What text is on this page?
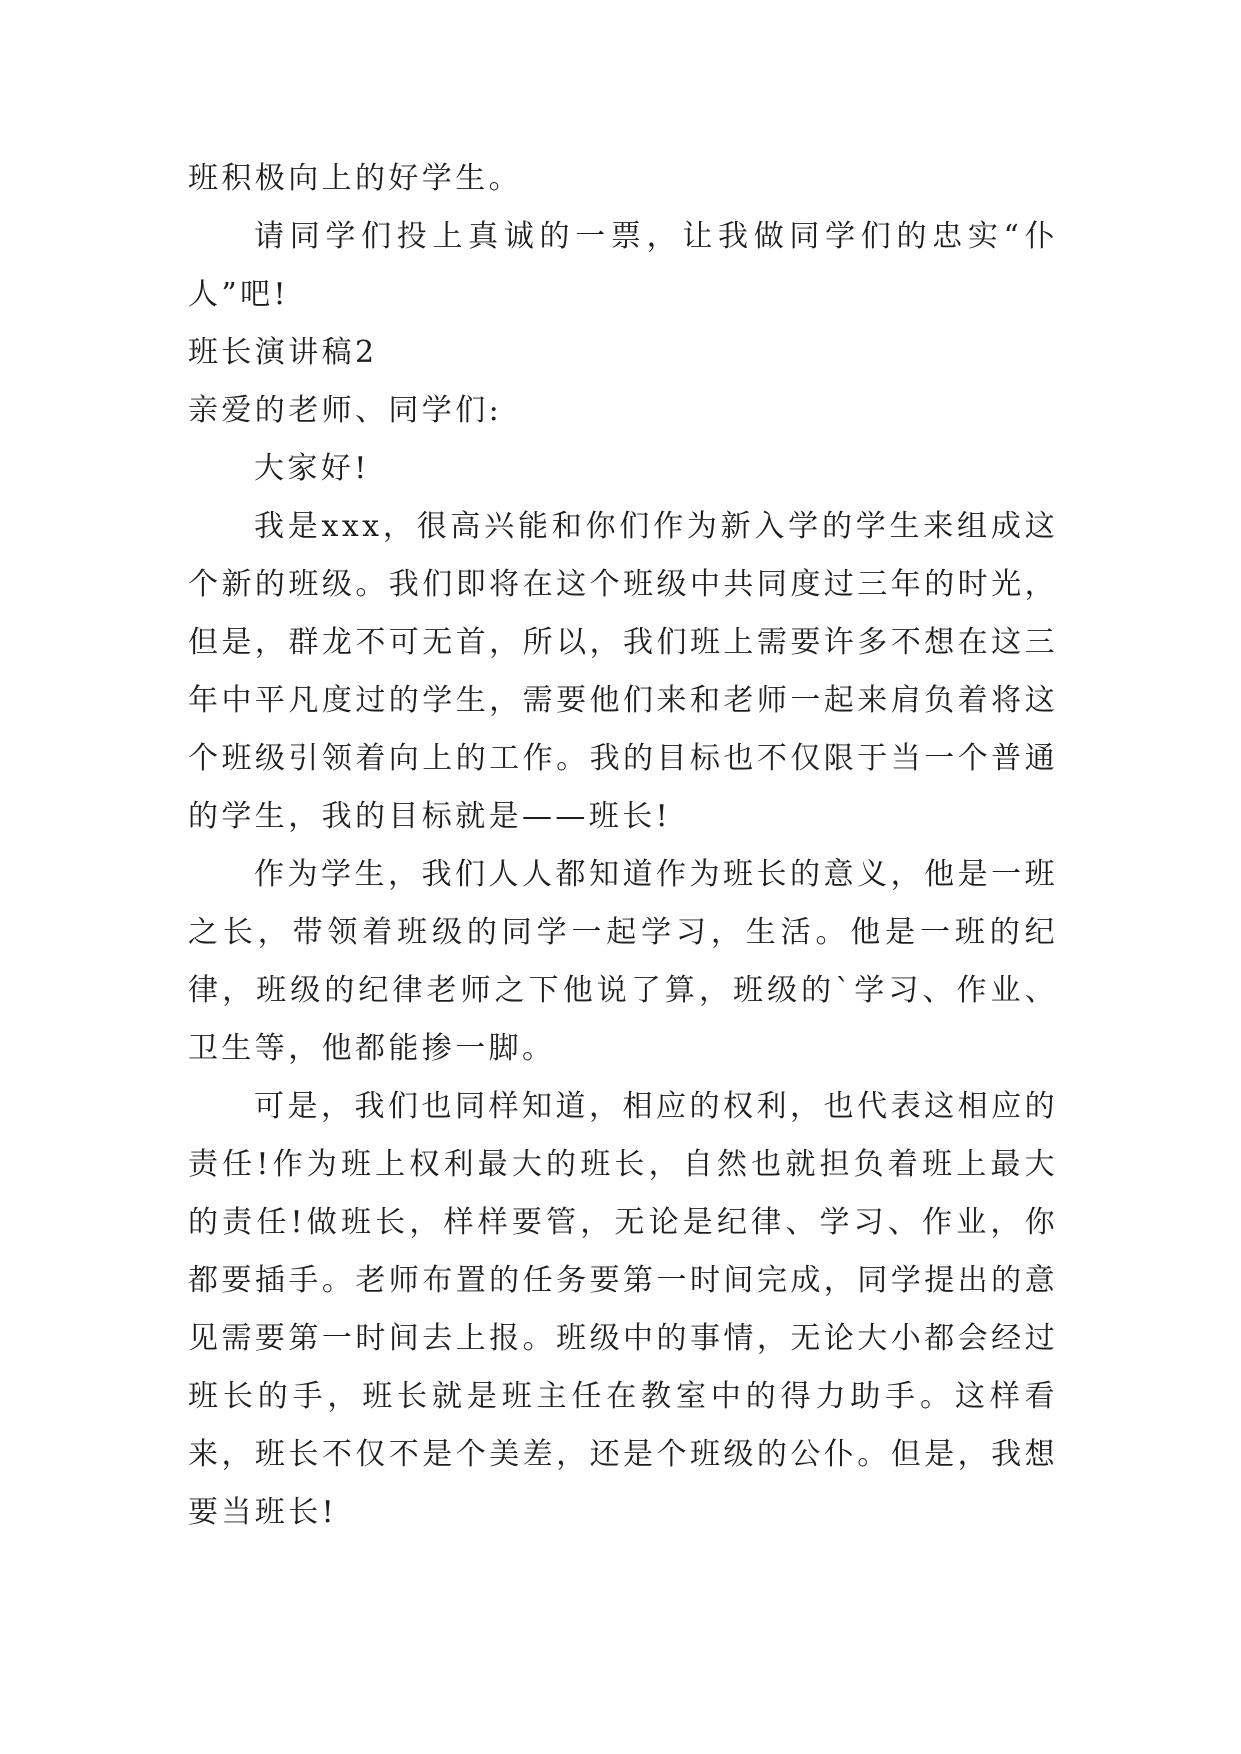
班积极向上的好学生。

请同学们投上真诚的一票，让我做同学们的忠实“仆人”吧!

班长演讲稿2

亲爱的老师、同学们:

大家好!

我是xxx，很高兴能和你们作为新入学的学生来组成这个新的班级。我们即将在这个班级中共同度过三年的时光，但是，群龙不可无首，所以，我们班上需要许多不想在这三年中平凡度过的学生，需要他们来和老师一起来肩负着将这个班级引领着向上的工作。我的目标也不仅限于当一个普通的学生，我的目标就是——班长!

作为学生，我们人人都知道作为班长的意义，他是一班之长，带领着班级的同学一起学习，生活。他是一班的纪律，班级的纪律老师之下他说了算，班级的`学习、作业、卫生等，他都能掺一脚。

可是，我们也同样知道，相应的权利，也代表这相应的责任!作为班上权利最大的班长，自然也就担负着班上最大的责任!做班长，样样要管，无论是纪律、学习、作业，你都要插手。老师布置的任务要第一时间完成，同学提出的意见需要第一时间去上报。班级中的事情，无论大小都会经过班长的手，班长就是班主任在教室中的得力助手。这样看来，班长不仅不是个美差，还是个班级的公仆。但是，我想要当班长!
